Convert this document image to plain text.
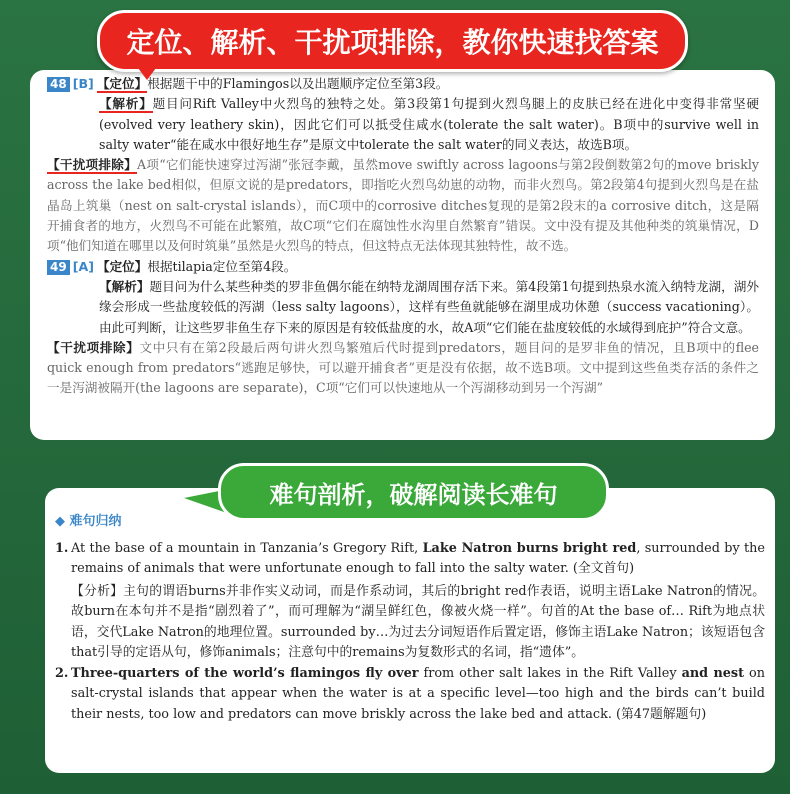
定位、解析、干扰项排除，教你快速找答案

48 [B] 【定位】根据题干中的Flamingos以及出题顺序定位至第3段。

【解析】题目问Rift Valley中火烈鸟的独特之处。第3段第1句提到火烈鸟腿上的皮肤已经在进化中变得非常坚硬(evolved very leathery skin)，因此它们可以抵受住咸水(tolerate the salt water)。B项中的survive well in salty water“能在咸水中很好地生存”是原文中tolerate the salt water的同义表达，故选B项。

【干扰项排除】A项“它们能快速穿过泻湖”张冠李戴，虽然move swiftly across lagoons与第2段倒数第2句的move briskly across the lake bed相似，但原文说的是predators，即指吃火烈鸟幼崽的动物，而非火烈鸟。第2段第4句提到火烈鸟是在盐晶岛上筑巢（nest on salt-crystal islands），而C项中的corrosive ditches复现的是第2段末的a corrosive ditch，这是隔开捕食者的地方，火烈鸟不可能在此繁殖，故C项“它们在腐蚀性水沟里自然繁育”错误。文中没有提及其他种类的筑巢情况，D项“他们知道在哪里以及何时筑巢”虽然是火烈鸟的特点，但这特点无法体现其独特性，故不选。

49 [A] 【定位】根据tilapia定位至第4段。

【解析】题目问为什么某些种类的罗非鱼偶尔能在纳特龙湖周围存活下来。第4段第1句提到热泉水流入纳特龙湖，湖外缘会形成一些盐度较低的泻湖（less salty lagoons），这样有些鱼就能够在湖里成功休憩（success vacationing）。由此可判断，让这些罗非鱼生存下来的原因是有较低盐度的水，故A项“它们能在盐度较低的水域得到庇护”符合文意。

【干扰项排除】文中只有在第2段最后两句讲火烈鸟繁殖后代时提到predators，题目问的是罗非鱼的情况，且B项中的flee quick enough from predators“逃跑足够快，可以避开捕食者”更是没有依据，故不选B项。文中提到这些鱼类存活的条件之一是泻湖被隔开(the lagoons are separate)，C项“它们可以快速地从一个泻湖移动到另一个泻湖”

难句剖析，破解阅读长难句
◆ 难句归纳
1. At the base of a mountain in Tanzania’s Gregory Rift, Lake Natron burns bright red, surrounded by the remains of animals that were unfortunate enough to fall into the salty water. (全文首句)
【分析】主句的谓语burns并非作实义动词，而是作系动词，其后的bright red作表语，说明主语Lake Natron的情况。故burn在本句并不是指“剧烈着了”，而可理解为“湖呈鲜红色，像被火烧一样”。句首的At the base of… Rift为地点状语，交代Lake Natron的地理位置。surrounded by…为过去分词短语作后置定语，修饰主语Lake Natron；该短语包含that引导的定语从句，修饰animals；注意句中的remains为复数形式的名词，指“遗体”。
2. Three-quarters of the world’s flamingos fly over from other salt lakes in the Rift Valley and nest on salt-crystal islands that appear when the water is at a specific level—too high and the birds can’t build their nests, too low and predators can move briskly across the lake bed and attack. (第47题解题句)
